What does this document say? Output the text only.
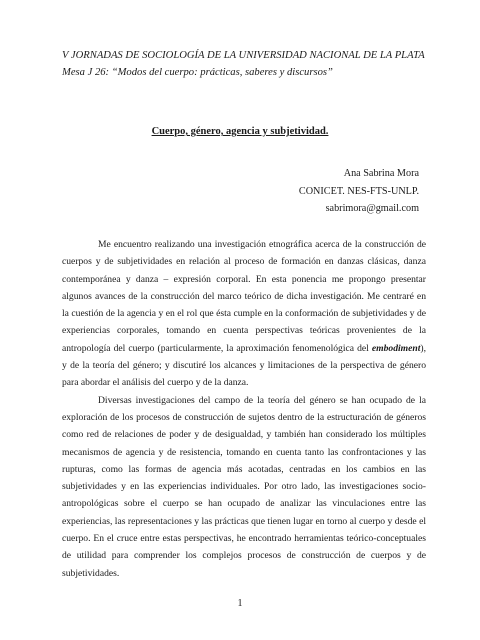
V JORNADAS DE SOCIOLOGÍA DE LA UNIVERSIDAD NACIONAL DE LA PLATA
Mesa J 26: “Modos del cuerpo: prácticas, saberes y discursos”
Cuerpo, género, agencia y subjetividad.
Ana Sabrina Mora
CONICET. NES-FTS-UNLP.
sabrimora@gmail.com

Me encuentro realizando una investigación etnográfica acerca de la construcción de cuerpos y de subjetividades en relación al proceso de formación en danzas clásicas, danza contemporánea y danza – expresión corporal. En esta ponencia me propongo presentar algunos avances de la construcción del marco teórico de dicha investigación. Me centraré en la cuestión de la agencia y en el rol que ésta cumple en la conformación de subjetividades y de experiencias corporales, tomando en cuenta perspectivas teóricas provenientes de la antropología del cuerpo (particularmente, la aproximación fenomenológica del embodiment), y de la teoría del género; y discutiré los alcances y limitaciones de la perspectiva de género para abordar el análisis del cuerpo y de la danza.

Diversas investigaciones del campo de la teoría del género se han ocupado de la exploración de los procesos de construcción de sujetos dentro de la estructuración de géneros como red de relaciones de poder y de desigualdad, y también han considerado los múltiples mecanismos de agencia y de resistencia, tomando en cuenta tanto las confrontaciones y las rupturas, como las formas de agencia más acotadas, centradas en los cambios en las subjetividades y en las experiencias individuales. Por otro lado, las investigaciones socio-antropológicas sobre el cuerpo se han ocupado de analizar las vinculaciones entre las experiencias, las representaciones y las prácticas que tienen lugar en torno al cuerpo y desde el cuerpo. En el cruce entre estas perspectivas, he encontrado herramientas teórico-conceptuales de utilidad para comprender los complejos procesos de construcción de cuerpos y de subjetividades.

1
